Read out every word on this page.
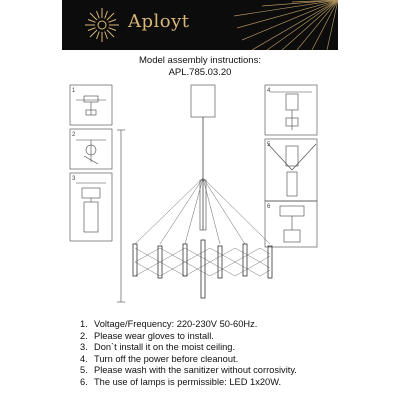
Aployt
Model assembly instructions:
APL.785.03.20
1
2
3
4
5
6
1. Voltage/Frequency: 220-230V 50-60Hz.
2. Please wear gloves to install.
3. Don`t install it on the moist ceiling.
4. Turn off the power before cleanout.
5. Please wash with the sanitizer without corrosivity.
6. The use of lamps is permissible: LED 1x20W.
